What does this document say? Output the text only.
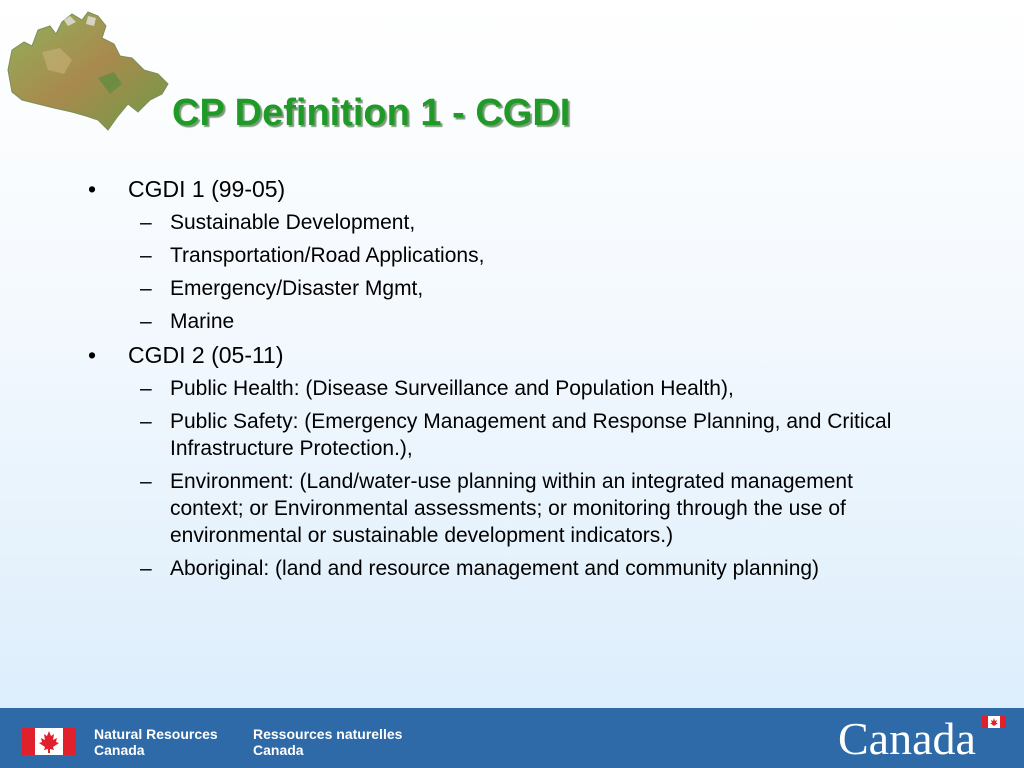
CP Definition 1 - CGDI
•	CGDI 1 (99-05)
– Sustainable Development,
– Transportation/Road Applications,
– Emergency/Disaster Mgmt,
– Marine
•	CGDI 2 (05-11)
– Public Health: (Disease Surveillance and Population Health),
– Public Safety: (Emergency Management and Response Planning, and Critical Infrastructure Protection.),
– Environment: (Land/water-use planning within an integrated management context; or Environmental assessments; or monitoring through the use of environmental or sustainable development indicators.)
– Aboriginal: (land and resource management and community planning)
Natural Resources
Canada
Ressources naturelles
Canada	Canada
